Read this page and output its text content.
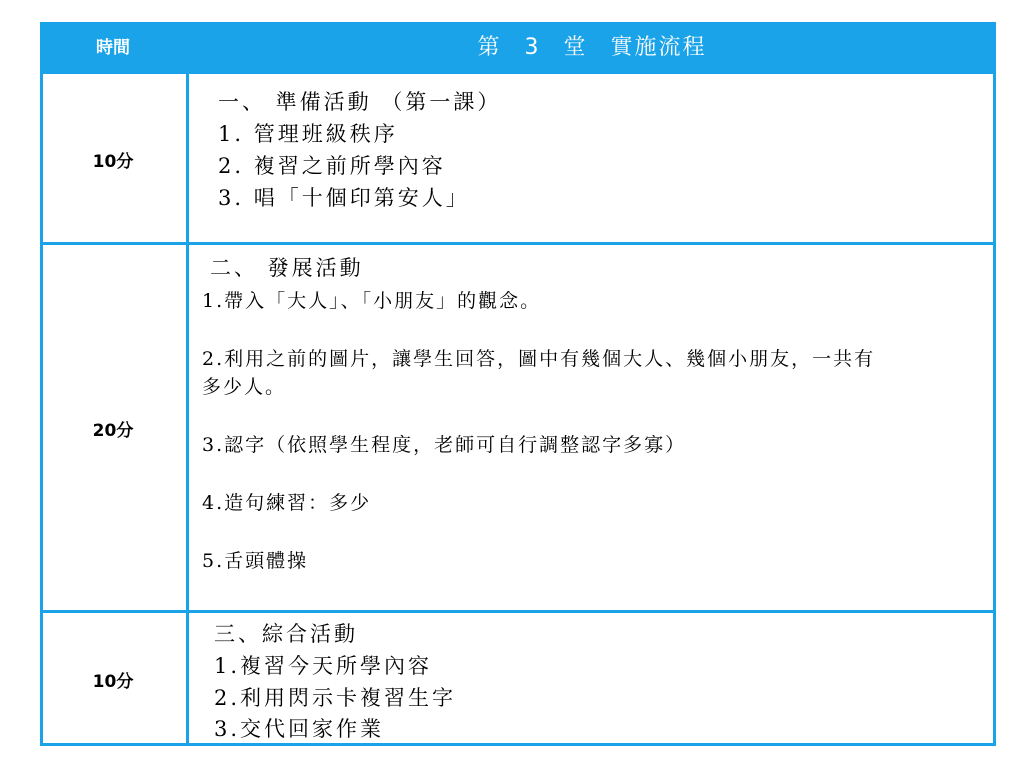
時間	第 3 堂 實施流程
10分
一、 準備活動 （第一課）
1. 管理班級秩序
2. 複習之前所學內容
3. 唱「十個印第安人」
20分
二、 發展活動
1.帶入「大人」、「小朋友」的觀念。
2.利用之前的圖片，讓學生回答，圖中有幾個大人、幾個小朋友，一共有
多少人。
3.認字（依照學生程度，老師可自行調整認字多寡）
4.造句練習：多少
5.舌頭體操
10分
三、綜合活動
1.複習今天所學內容
2.利用閃示卡複習生字
3.交代回家作業
